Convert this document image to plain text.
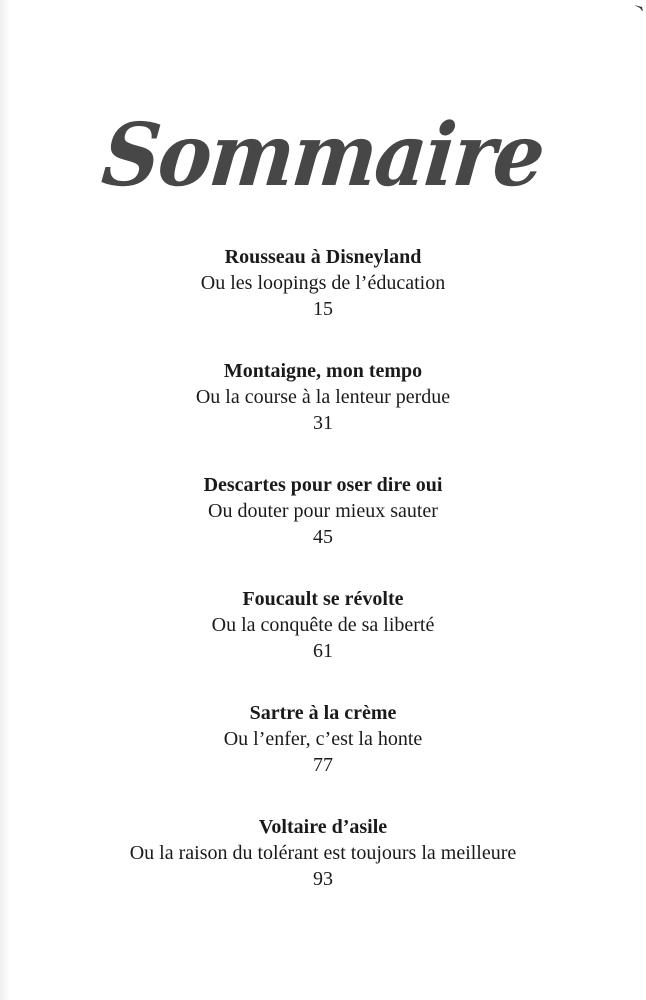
Sommaire
Rousseau à Disneyland
Ou les loopings de l’éducation
15
Montaigne, mon tempo
Ou la course à la lenteur perdue
31
Descartes pour oser dire oui
Ou douter pour mieux sauter
45
Foucault se révolte
Ou la conquête de sa liberté
61
Sartre à la crème
Ou l’enfer, c’est la honte
77
Voltaire d’asile
Ou la raison du tolérant est toujours la meilleure
93
